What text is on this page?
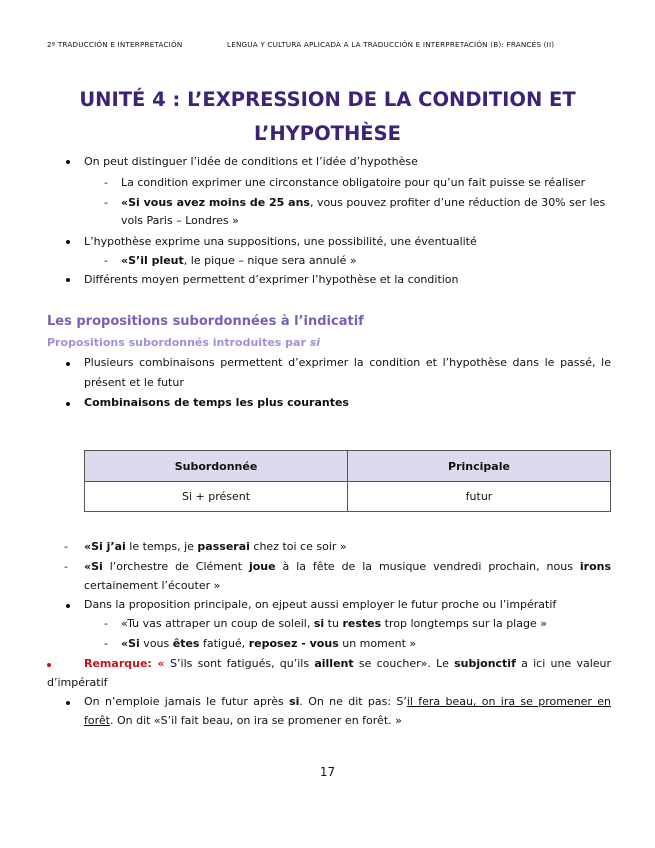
2ª TRADUCCIÓN E INTERPRETACIÓN	LENGUA Y CULTURA APLICADA A LA TRADUCCIÓN E INTERPRETACIÓN (B): FRANCÉS (II)
UNITÉ 4 : L’EXPRESSION DE LA CONDITION ET
L’HYPOTHÈSE
On peut distinguer l’idée de conditions et l’idée d’hypothèse
- La condition exprimer une circonstance obligatoire pour qu’un fait puisse se réaliser
- «Si vous avez moins de 25 ans, vous pouvez profiter d’une réduction de 30% ser les
vols Paris – Londres »
L’hypothèse exprime una suppositions, une possibilité, une éventualité
- «S’il pleut, le pique – nique sera annulé »
Différents moyen permettent d’exprimer l’hypothèse et la condition
Les propositions subordonnées à l’indicatif
Propositions subordonnés introduites par si
Plusieurs combinaisons permettent d’exprimer la condition et l’hypothèse dans le passé, le
présent et le futur
Combinaisons de temps les plus courantes
Subordonnée	Principale
Si + présent	futur
- «Si j’ai le temps, je passerai chez toi ce soir »
- «Si l’orchestre de Clément joue à la fête de la musique vendredi prochain, nous irons
certainement l’écouter »
Dans la proposition principale, on ejpeut aussi employer le futur proche ou l’impératif
- «Tu vas attraper un coup de soleil, si tu restes trop longtemps sur la plage »
- «Si vous êtes fatigué, reposez - vous un moment »
Remarque: « S’ils sont fatigués, qu’ils aillent se coucher». Le subjonctif a ici une valeur
d’impératif
On n’emploie jamais le futur après si. On ne dit pas: S’il fera beau, on ira se promener en
forêt. On dit «S’il fait beau, on ira se promener en forêt. »
17
